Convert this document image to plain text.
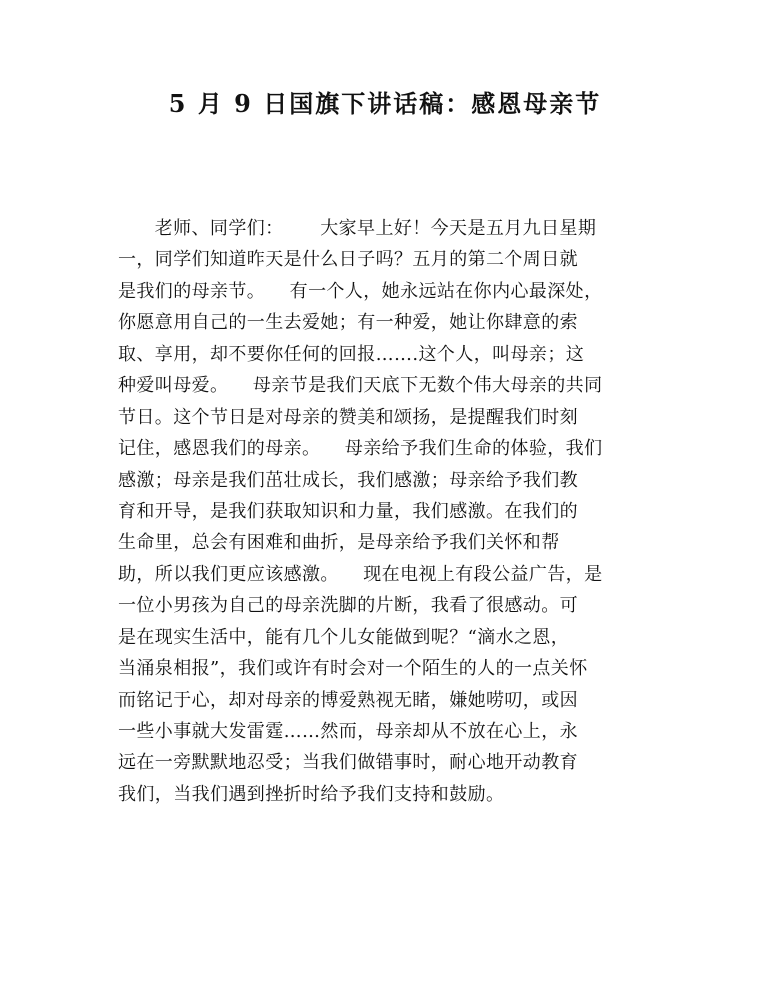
5 月 9 日国旗下讲话稿：感恩母亲节
老师、同学们：      大家早上好！今天是五月九日星期
一，同学们知道昨天是什么日子吗？五月的第二个周日就
是我们的母亲节。    有一个人，她永远站在你内心最深处，
你愿意用自己的一生去爱她；有一种爱，她让你肆意的索
取、享用，却不要你任何的回报…….这个人，叫母亲；这
种爱叫母爱。    母亲节是我们天底下无数个伟大母亲的共同
节日。这个节日是对母亲的赞美和颂扬，是提醒我们时刻
记住，感恩我们的母亲。    母亲给予我们生命的体验，我们
感激；母亲是我们茁壮成长，我们感激；母亲给予我们教
育和开导，是我们获取知识和力量，我们感激。在我们的
生命里，总会有困难和曲折，是母亲给予我们关怀和帮
助，所以我们更应该感激。    现在电视上有段公益广告，是
一位小男孩为自己的母亲洗脚的片断，我看了很感动。可
是在现实生活中，能有几个儿女能做到呢？“滴水之恩，
当涌泉相报”，我们或许有时会对一个陌生的人的一点关怀
而铭记于心，却对母亲的博爱熟视无睹，嫌她唠叨，或因
一些小事就大发雷霆……然而，母亲却从不放在心上，永
远在一旁默默地忍受；当我们做错事时，耐心地开动教育
我们，当我们遇到挫折时给予我们支持和鼓励。
